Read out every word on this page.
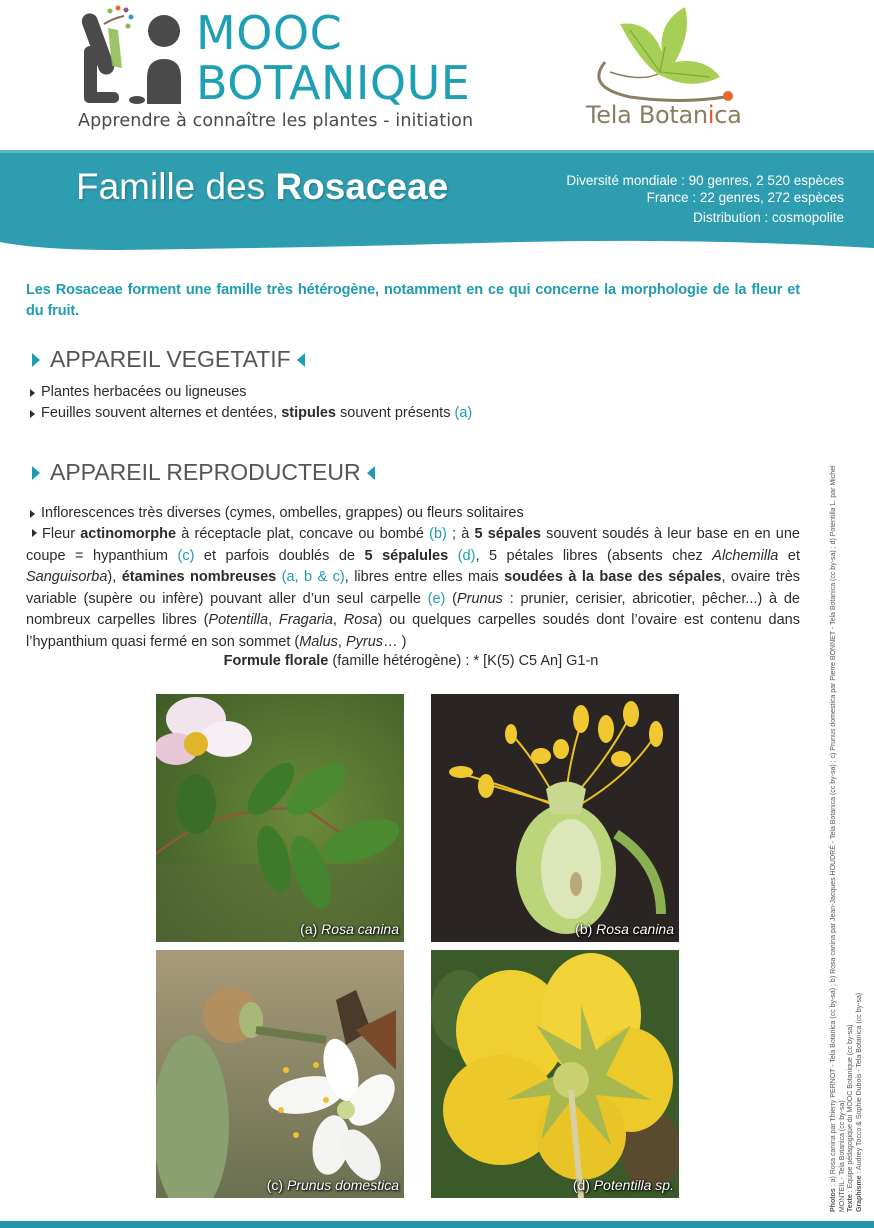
MOOC
BOTANIQUE
Apprendre à connaître les plantes - initiation	Tela Botanica
Famille des Rosaceae	Diversité mondiale : 90 genres, 2 520 espèces
France : 22 genres, 272 espèces
Distribution : cosmopolite
Les Rosaceae forment une famille très hétérogène, notamment en ce qui concerne la morphologie de la fleur et du fruit.
APPAREIL VEGETATIF
Plantes herbacées ou ligneuses
Feuilles souvent alternes et dentées, stipules souvent présents (a)
APPAREIL REPRODUCTEUR
Inflorescences très diverses (cymes, ombelles, grappes) ou fleurs solitaires
Fleur actinomorphe à réceptacle plat, concave ou bombé (b) ; à 5 sépales souvent soudés à leur base en en une coupe = hypanthium (c) et parfois doublés de 5 sépalules (d), 5 pétales libres (absents chez Alchemilla et Sanguisorba), étamines nombreuses (a, b & c), libres entre elles mais soudées à la base des sépales, ovaire très variable (supère ou infère) pouvant aller d’un seul carpelle (e) (Prunus : prunier, cerisier, abricotier, pêcher...) à de nombreux carpelles libres (Potentilla, Fragaria, Rosa) ou quelques carpelles soudés dont l’ovaire est contenu dans l’hypanthium quasi fermé en son sommet (Malus, Pyrus… )
Formule florale (famille hétérogène) : * [K(5) C5 An] G1-n
(a) Rosa canina	(b) Rosa canina
(c) Prunus domestica	(d) Potentilla sp.
Photos : a) Rosa canina par Thierry PERNOT - Tela Botanica (cc by-sa) ; b) Rosa canina par Jean-Jacques HOUDRÉ - Tela Botanica (cc by-sa) ; c) Prunus domestica par Pierre BONNET - Tela Botanica (cc by-sa) ; d) Potentilla L. par Michel MONTEIL - Tela Botanica (cc by-sa) Texte : Equipe pédagogique du MOOC Botanique (cc by-sa) Graphisme : Audrey Tocco & Sophie Dubois - Tela Botanica (cc by-sa)
